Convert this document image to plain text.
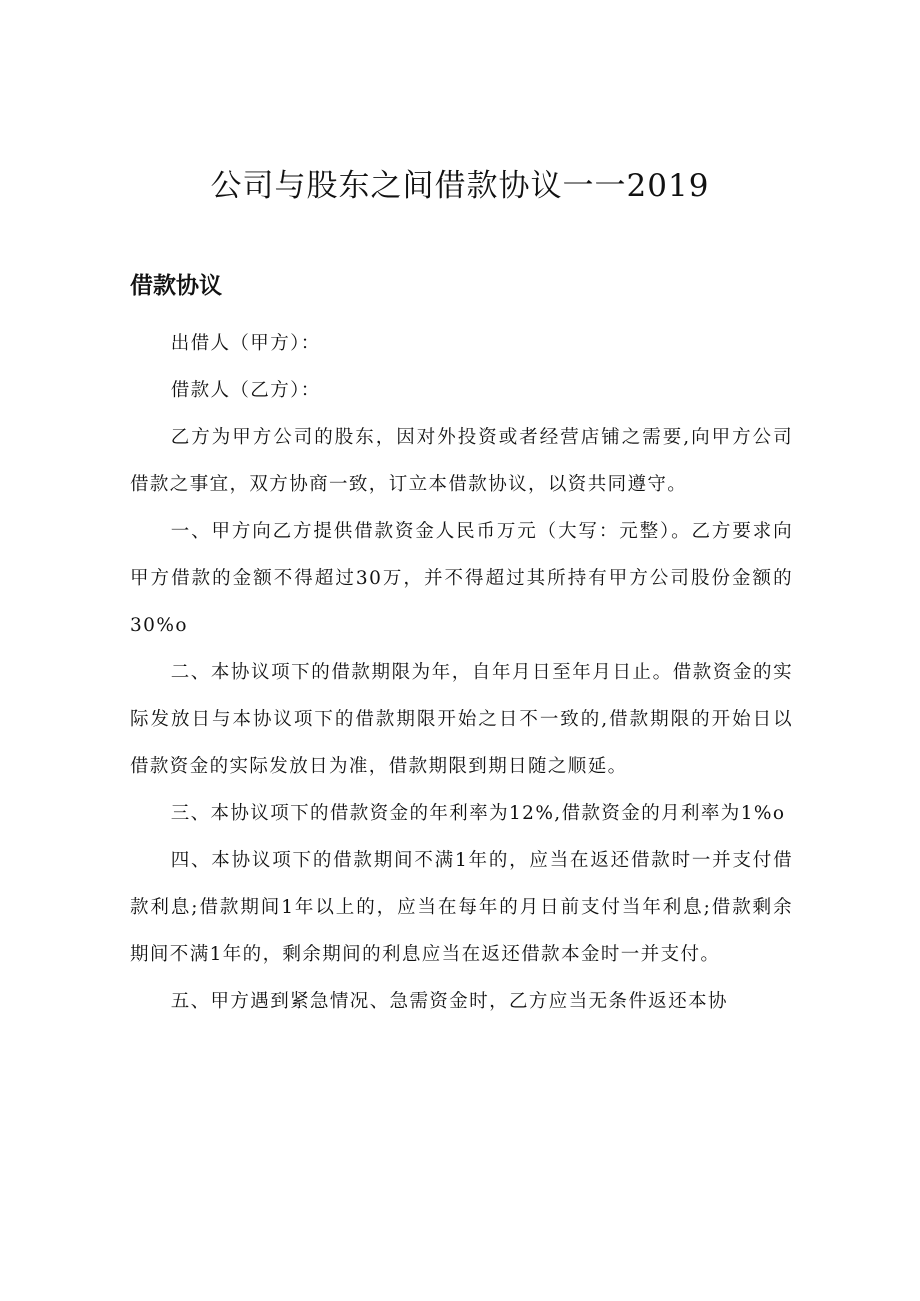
公司与股东之间借款协议一一2019
借款协议

出借人（甲方）：

借款人（乙方）：

乙方为甲方公司的股东，因对外投资或者经营店铺之需要,向甲方公司借款之事宜，双方协商一致，订立本借款协议，以资共同遵守。

一、甲方向乙方提供借款资金人民币万元（大写：元整）。乙方要求向甲方借款的金额不得超过30万，并不得超过其所持有甲方公司股份金额的30%o

二、本协议项下的借款期限为年，自年月日至年月日止。借款资金的实际发放日与本协议项下的借款期限开始之日不一致的,借款期限的开始日以借款资金的实际发放日为准，借款期限到期日随之顺延。

三、本协议项下的借款资金的年利率为12%,借款资金的月利率为1%o

四、本协议项下的借款期间不满1年的，应当在返还借款时一并支付借款利息;借款期间1年以上的，应当在每年的月日前支付当年利息;借款剩余期间不满1年的，剩余期间的利息应当在返还借款本金时一并支付。

五、甲方遇到紧急情况、急需资金时，乙方应当无条件返还本协
